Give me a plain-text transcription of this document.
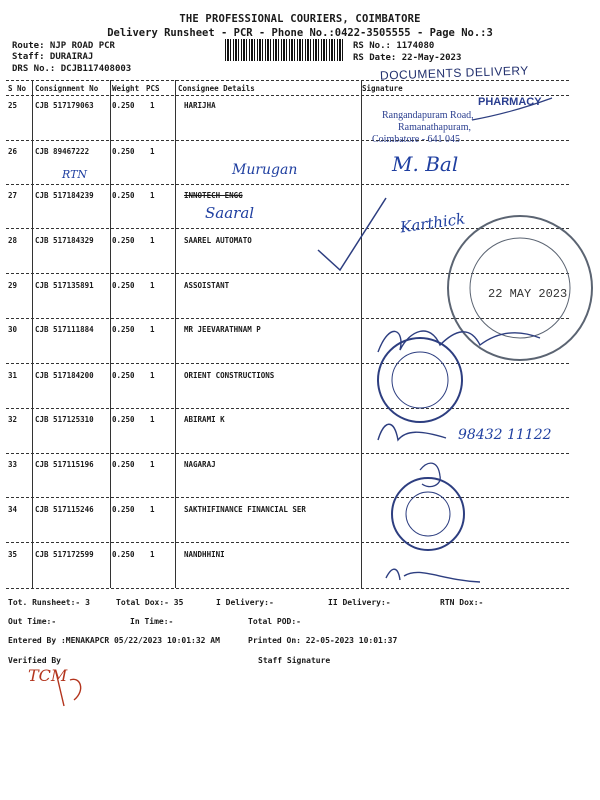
THE PROFESSIONAL COURIERS, COIMBATORE
Delivery Runsheet - PCR - Phone No.:0422-3505555 - Page No.:3
Route: NJP ROAD PCR
Staff: DURAIRAJ
DRS No.: DCJB117408003
RS No.: 1174080
RS Date: 22-May-2023
DOCUMENTS DELIVERY
S No Consignment No Weight PCS Consignee Details	Signature
25 CJB 517179063 0.250 1	HARIJHA
26 CJB 89467222	0.250 1
27 CJB 517184239 0.250 1	INNOTECH ENGG
28 CJB 517184329 0.250 1	SAAREL AUTOMATO
29 CJB 517135891 0.250 1	ASSOISTANT
30 CJB 517111884 0.250 1	MR JEEVARATHNAM P
31 CJB 517184200 0.250 1	ORIENT CONSTRUCTIONS
32 CJB 517125310 0.250 1	ABIRAMI K
33 CJB 517115196 0.250 1	NAGARAJ
34 CJB 517115246 0.250 1	SAKTHIFINANCE FINANCIAL SER
35 CJB 517172599 0.250 1	NANDHHINI
RTN	Murugan
Saaral
M. Bal
Karthick
98432 11122
TCM
PHARMACY
Rangandapuram Road,
Ramanathapuram,
Coimbatore - 641 045
22 MAY 2023
Tot. Runsheet:- 3	Total Dox:- 35	I Delivery:-	II Delivery:-	RTN Dox:-
Out Time:-	In Time:-	Total POD:-
Entered By :MENAKAPCR 05/22/2023 10:01:32 AM	Printed On: 22-05-2023 10:01:37
Verified By	Staff Signature
